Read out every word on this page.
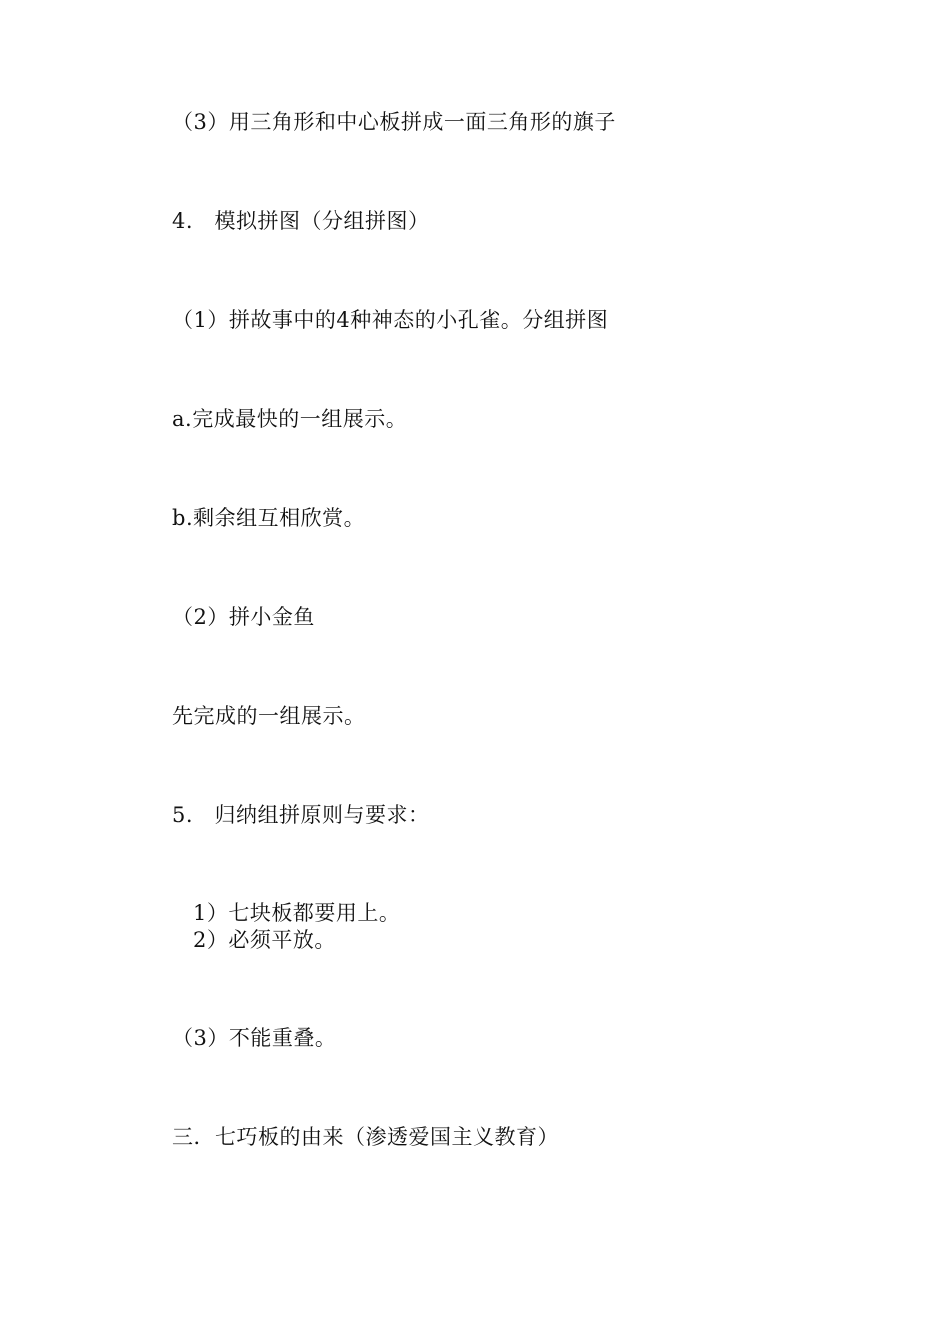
（3）用三角形和中心板拼成一面三角形的旗子
4.   模拟拼图（分组拼图）
（1）拼故事中的4种神态的小孔雀。分组拼图
a.完成最快的一组展示。
b.剩余组互相欣赏。
（2）拼小金鱼
先完成的一组展示。
5.   归纳组拼原则与要求：
1）七块板都要用上。
2）必须平放。
（3）不能重叠。
三．七巧板的由来（渗透爱国主义教育）
